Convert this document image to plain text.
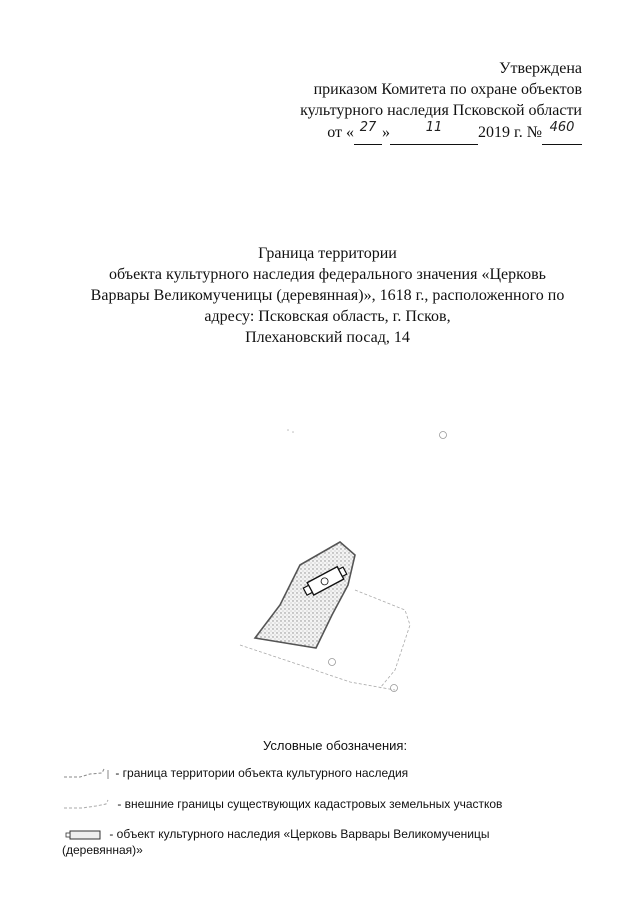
Утверждена
приказом Комитета по охране объектов
культурного наследия Псковской области
от « $^{27}$ »	$^{11}$ 2019 г. № $^{460}$
Граница территории
объекта культурного наследия федерального значения «Церковь
Варвары Великомученицы (деревянная)», 1618 г., расположенного по
адресу: Псковская область, г. Псков,
Плехановский посад, 14
Условные обозначения:
- граница территории объекта культурного наследия
- внешние границы существующих кадастровых земельных участков
- объект культурного наследия «Церковь Варвары Великомученицы (деревянная)»
